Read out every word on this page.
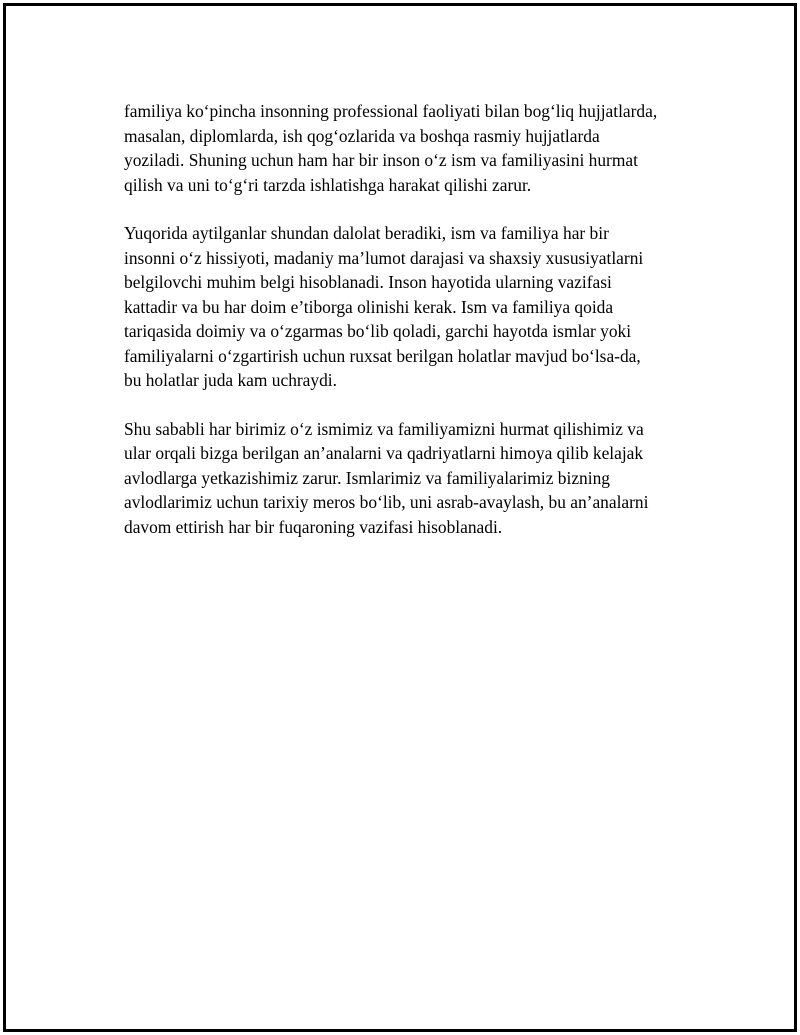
familiya ko‘pincha insonning professional faoliyati bilan bog‘liq hujjatlarda,
masalan, diplomlarda, ish qog‘ozlarida va boshqa rasmiy hujjatlarda
yoziladi. Shuning uchun ham har bir inson o‘z ism va familiyasini hurmat
qilish va uni to‘g‘ri tarzda ishlatishga harakat qilishi zarur.

Yuqorida aytilganlar shundan dalolat beradiki, ism va familiya har bir
insonni o‘z hissiyoti, madaniy ma’lumot darajasi va shaxsiy xususiyatlarni
belgilovchi muhim belgi hisoblanadi. Inson hayotida ularning vazifasi
kattadir va bu har doim e’tiborga olinishi kerak. Ism va familiya qoida
tariqasida doimiy va o‘zgarmas bo‘lib qoladi, garchi hayotda ismlar yoki
familiyalarni o‘zgartirish uchun ruxsat berilgan holatlar mavjud bo‘lsa-da,
bu holatlar juda kam uchraydi.

Shu sababli har birimiz o‘z ismimiz va familiyamizni hurmat qilishimiz va
ular orqali bizga berilgan an’analarni va qadriyatlarni himoya qilib kelajak
avlodlarga yetkazishimiz zarur. Ismlarimiz va familiyalarimiz bizning
avlodlarimiz uchun tarixiy meros bo‘lib, uni asrab-avaylash, bu an’analarni
davom ettirish har bir fuqaroning vazifasi hisoblanadi.
